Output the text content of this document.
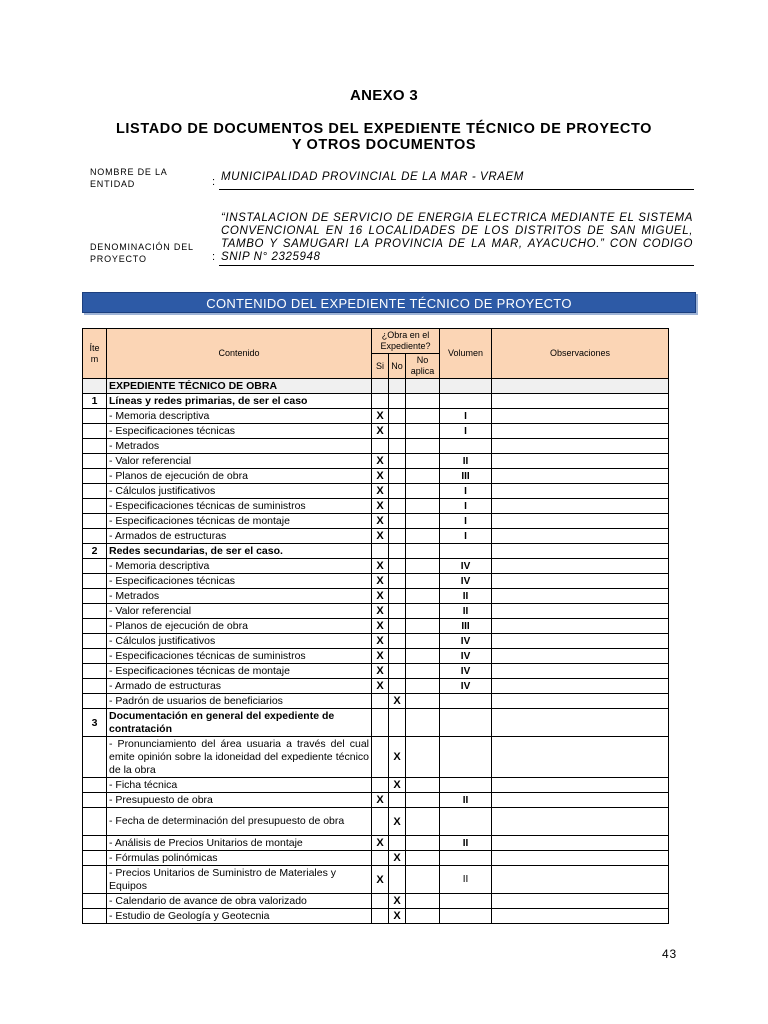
ANEXO 3
LISTADO DE DOCUMENTOS DEL EXPEDIENTE TÉCNICO DE PROYECTO
Y OTROS DOCUMENTOS
NOMBRE DE LA ENTIDAD	: MUNICIPALIDAD PROVINCIAL DE LA MAR - VRAEM
DENOMINACIÓN DEL PROYECTO	:
“INSTALACION DE SERVICIO DE ENERGIA ELECTRICA MEDIANTE EL SISTEMA CONVENCIONAL EN 16 LOCALIDADES DE LOS DISTRITOS DE SAN MIGUEL, TAMBO Y SAMUGARI LA PROVINCIA DE LA MAR, AYACUCHO.” CON CODIGO SNIP N° 2325948
CONTENIDO DEL EXPEDIENTE TÉCNICO DE PROYECTO
Íte m	Contenido	¿Obra en el Expediente?			Volumen	Observaciones
		Si	No	No aplica		
	EXPEDIENTE TÉCNICO DE OBRA					
1	Líneas y redes primarias, de ser el caso					
	- Memoria descriptiva	X			I	
	- Especificaciones técnicas	X			I	
	- Metrados					
	- Valor referencial	X			II	
	- Planos de ejecución de obra	X			III	
	- Cálculos justificativos	X			I	
	- Especificaciones técnicas de suministros	X			I	
	- Especificaciones técnicas de montaje	X			I	
	- Armados de estructuras	X			I	
2	Redes secundarias, de ser el caso.					
	- Memoria descriptiva	X			IV	
	- Especificaciones técnicas	X			IV	
	- Metrados	X			II	
	- Valor referencial	X			II	
	- Planos de ejecución de obra	X			III	
	- Cálculos justificativos	X			IV	
	- Especificaciones técnicas de suministros	X			IV	
	- Especificaciones técnicas de montaje	X			IV	
	- Armado de estructuras	X			IV	
	- Padrón de usuarios de beneficiarios		X			
3	Documentación en general del expediente de contratación					
	- Pronunciamiento del área usuaria a través del cual emite opinión sobre la idoneidad del expediente técnico de la obra		X			
	- Ficha técnica		X			
	- Presupuesto de obra	X			II	
	- Fecha de determinación del presupuesto de obra		X			
	- Análisis de Precios Unitarios de montaje	X			II	
	- Fórmulas polinómicas		X			
	- Precios Unitarios de Suministro de Materiales y Equipos	X			II	
	- Calendario de avance de obra valorizado		X			
	- Estudio de Geología y Geotecnia		X			
43
